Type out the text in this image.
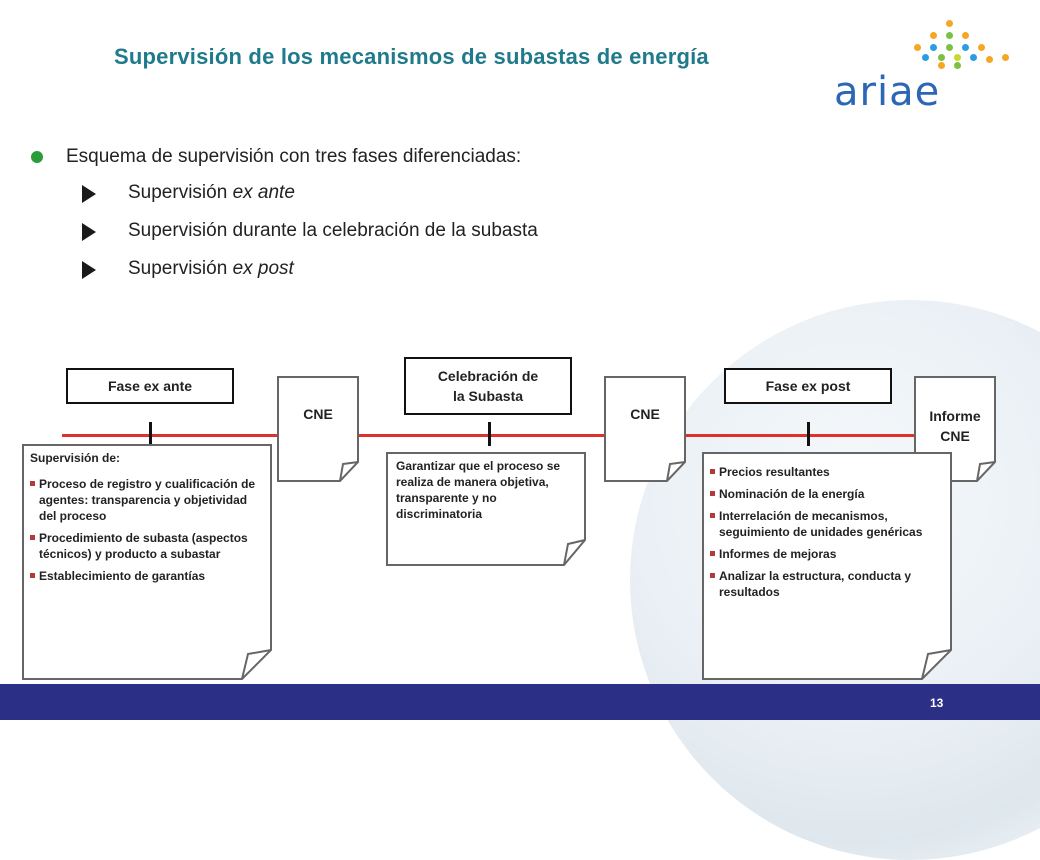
Supervisión de los mecanismos de subastas de energía
ariae
Esquema de supervisión con tres fases diferenciadas:
Supervisión ex ante
Supervisión durante la celebración de la subasta
Supervisión ex post
Fase ex ante
Celebración de
la Subasta
Fase ex post
CNE	CNE	Informe
CNE
Supervisión de:
Proceso de registro y cualificación de agentes: transparencia y objetividad del proceso
Procedimiento de subasta (aspectos técnicos) y producto a subastar
Establecimiento de garantías
Garantizar que el proceso se realiza de manera objetiva, transparente y no discriminatoria
Precios resultantes
Nominación de la energía
Interrelación de mecanismos, seguimiento de unidades genéricas
Informes de mejoras
Analizar la estructura, conducta y resultados
13
